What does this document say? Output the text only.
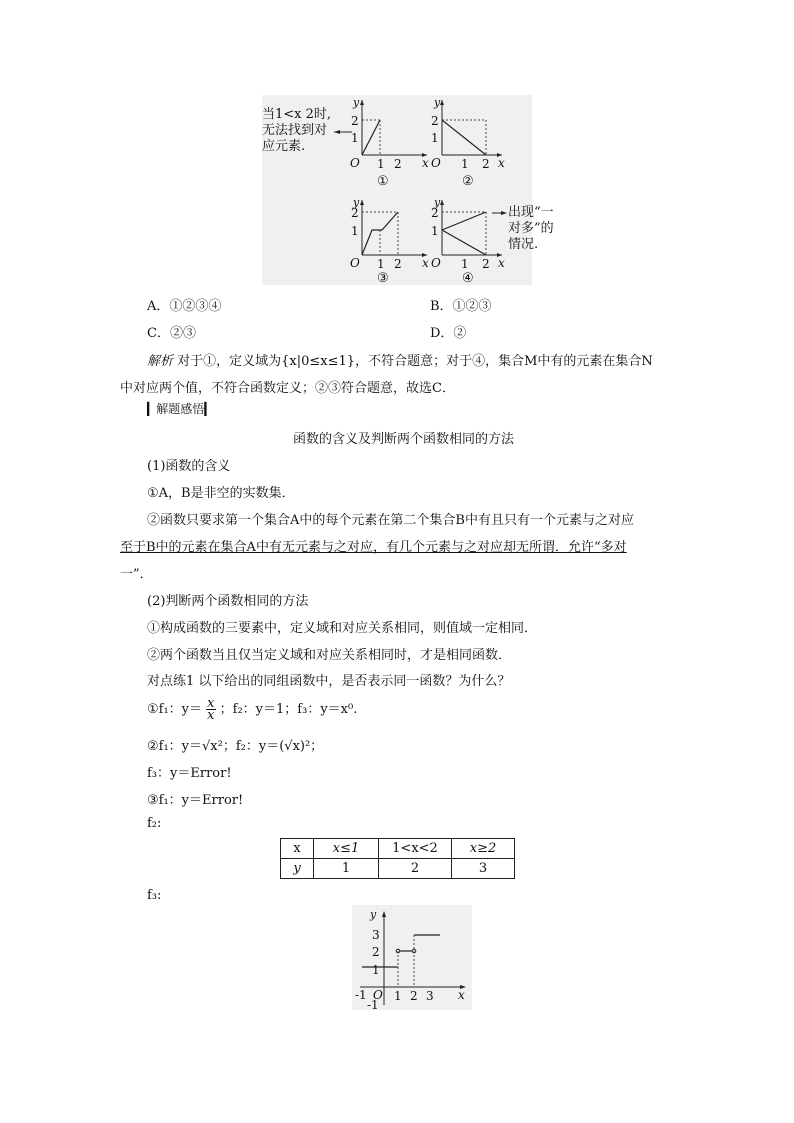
当1<x 2时,
无法找到对
应元素.
出现“一
对多”的
情况.
y
x
O
2
1
1 2
①
y
x
O
2
1
1 2
②
y
x
O
2
1
1 2
③
y
x
O
2
1
1 2
④
A．①②③④	B．①②③
C．②③	D．②
解析 对于①，定义域为{x|0≤x≤1}，不符合题意；对于④，集合M中有的元素在集合N
中对应两个值，不符合函数定义；②③符合题意，故选C．
▎解题感悟▎
函数的含义及判断两个函数相同的方法
(1)函数的含义
①A，B是非空的实数集．
②函数只要求第一个集合A中的每个元素在第二个集合B中有且只有一个元素与之对应
至于B中的元素在集合A中有无元素与之对应，有几个元素与之对应却无所谓．允许“多对
一”．
(2)判断两个函数相同的方法
①构成函数的三要素中，定义域和对应关系相同，则值域一定相同．
②两个函数当且仅当定义域和对应关系相同时，才是相同函数．
对点练1 以下给出的同组函数中，是否表示同一函数？为什么？
①f₁：$y= \frac{x}{x}$ ；f₂：y＝1；f₃：y＝x⁰.
②f₁：y＝√x²；f₂：y＝(√x)²；
f₃：y＝Error!
③f₁：y＝Error!
f₂:
x	x≤1	1<x<2	x≥2
y	1	2	3
f₃:
y
x
3
2
1
-1 O 1 2 3
-1
